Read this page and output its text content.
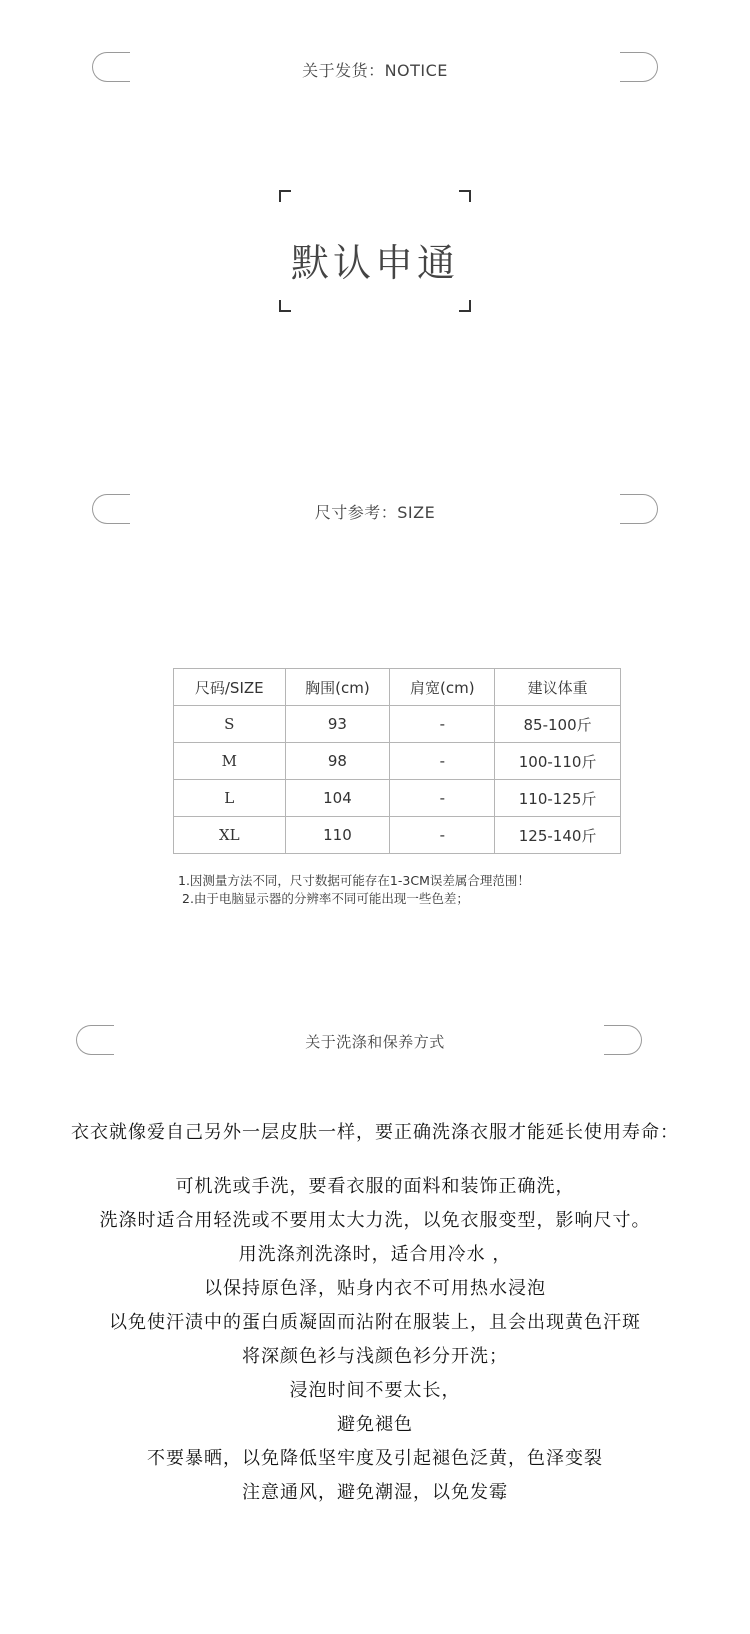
关于发货：NOTICE
默认申通
尺寸参考：SIZE
尺码/SIZE	胸围(cm)	肩宽(cm)	建议体重
S	93	-	85-100斤
M	98	-	100-110斤
L	104	-	110-125斤
XL	110	-	125-140斤
1.因测量方法不同，尺寸数据可能存在1-3CM误差属合理范围！
2.由于电脑显示器的分辨率不同可能出现一些色差；
关于洗涤和保养方式
衣衣就像爱自己另外一层皮肤一样，要正确洗涤衣服才能延长使用寿命：
可机洗或手洗，要看衣服的面料和装饰正确洗，
洗涤时适合用轻洗或不要用太大力洗，以免衣服变型，影响尺寸。
用洗涤剂洗涤时，适合用冷水 ，
以保持原色泽，贴身内衣不可用热水浸泡
以免使汗渍中的蛋白质凝固而沾附在服装上，且会出现黄色汗斑
将深颜色衫与浅颜色衫分开洗；
浸泡时间不要太长，
避免褪色
不要暴晒，以免降低坚牢度及引起褪色泛黄，色泽变裂
注意通风，避免潮湿，以免发霉
